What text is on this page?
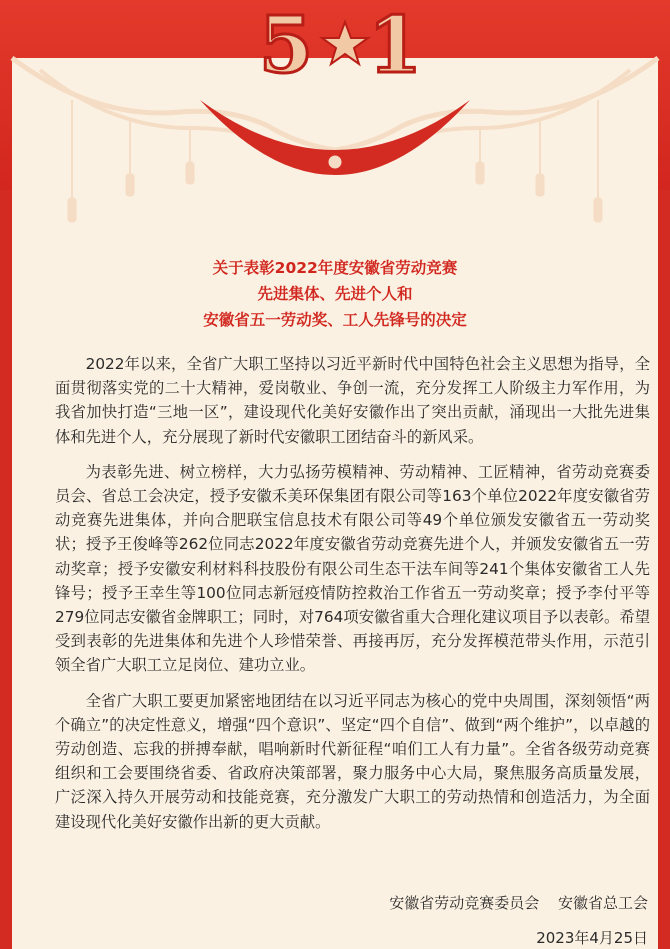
5 1
关于表彰2022年度安徽省劳动竞赛
先进集体、先进个人和
安徽省五一劳动奖、工人先锋号的决定

2022年以来，全省广大职工坚持以习近平新时代中国特色社会主义思想为指导，全面贯彻落实党的二十大精神，爱岗敬业、争创一流，充分发挥工人阶级主力军作用，为我省加快打造“三地一区”，建设现代化美好安徽作出了突出贡献，涌现出一大批先进集体和先进个人，充分展现了新时代安徽职工团结奋斗的新风采。

为表彰先进、树立榜样，大力弘扬劳模精神、劳动精神、工匠精神，省劳动竞赛委员会、省总工会决定，授予安徽禾美环保集团有限公司等163个单位2022年度安徽省劳动竞赛先进集体，并向合肥联宝信息技术有限公司等49个单位颁发安徽省五一劳动奖状；授予王俊峰等262位同志2022年度安徽省劳动竞赛先进个人，并颁发安徽省五一劳动奖章；授予安徽安利材料科技股份有限公司生态干法车间等241个集体安徽省工人先锋号；授予王幸生等100位同志新冠疫情防控救治工作省五一劳动奖章；授予李付平等279位同志安徽省金牌职工；同时，对764项安徽省重大合理化建议项目予以表彰。希望受到表彰的先进集体和先进个人珍惜荣誉、再接再厉，充分发挥模范带头作用，示范引领全省广大职工立足岗位、建功立业。

全省广大职工要更加紧密地团结在以习近平同志为核心的党中央周围，深刻领悟“两个确立”的决定性意义，增强“四个意识”、坚定“四个自信”、做到“两个维护”，以卓越的劳动创造、忘我的拼搏奉献，唱响新时代新征程“咱们工人有力量”。全省各级劳动竞赛组织和工会要围绕省委、省政府决策部署，聚力服务中心大局，聚焦服务高质量发展，广泛深入持久开展劳动和技能竞赛，充分激发广大职工的劳动热情和创造活力，为全面建设现代化美好安徽作出新的更大贡献。

安徽省劳动竞赛委员会 安徽省总工会
2023年4月25日
